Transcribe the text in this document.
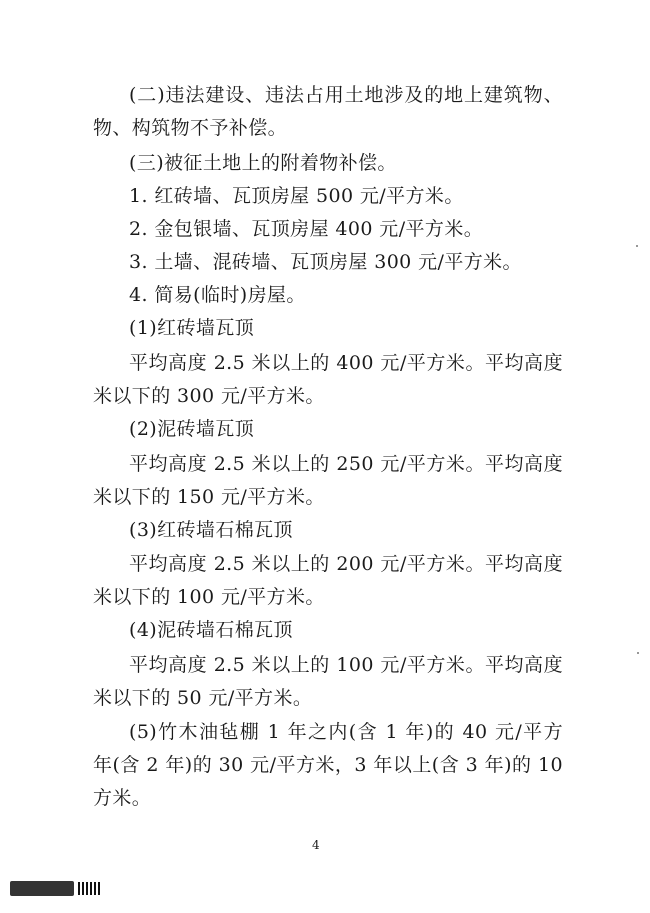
(二)违法建设、违法占用土地涉及的地上建筑物、
物、构筑物不予补偿。
(三)被征土地上的附着物补偿。
1. 红砖墙、瓦顶房屋 500 元/平方米。
2. 金包银墙、瓦顶房屋 400 元/平方米。
3. 土墙、混砖墙、瓦顶房屋 300 元/平方米。
4. 简易(临时)房屋。
(1)红砖墙瓦顶
平均高度 2.5 米以上的 400 元/平方米。平均高度
米以下的 300 元/平方米。
(2)泥砖墙瓦顶
平均高度 2.5 米以上的 250 元/平方米。平均高度
米以下的 150 元/平方米。
(3)红砖墙石棉瓦顶
平均高度 2.5 米以上的 200 元/平方米。平均高度
米以下的 100 元/平方米。
(4)泥砖墙石棉瓦顶
平均高度 2.5 米以上的 100 元/平方米。平均高度
米以下的 50 元/平方米。
(5)竹木油毡棚 1 年之内(含 1 年)的 40 元/平方
年(含 2 年)的 30 元/平方米，3 年以上(含 3 年)的 10
方米。
4
